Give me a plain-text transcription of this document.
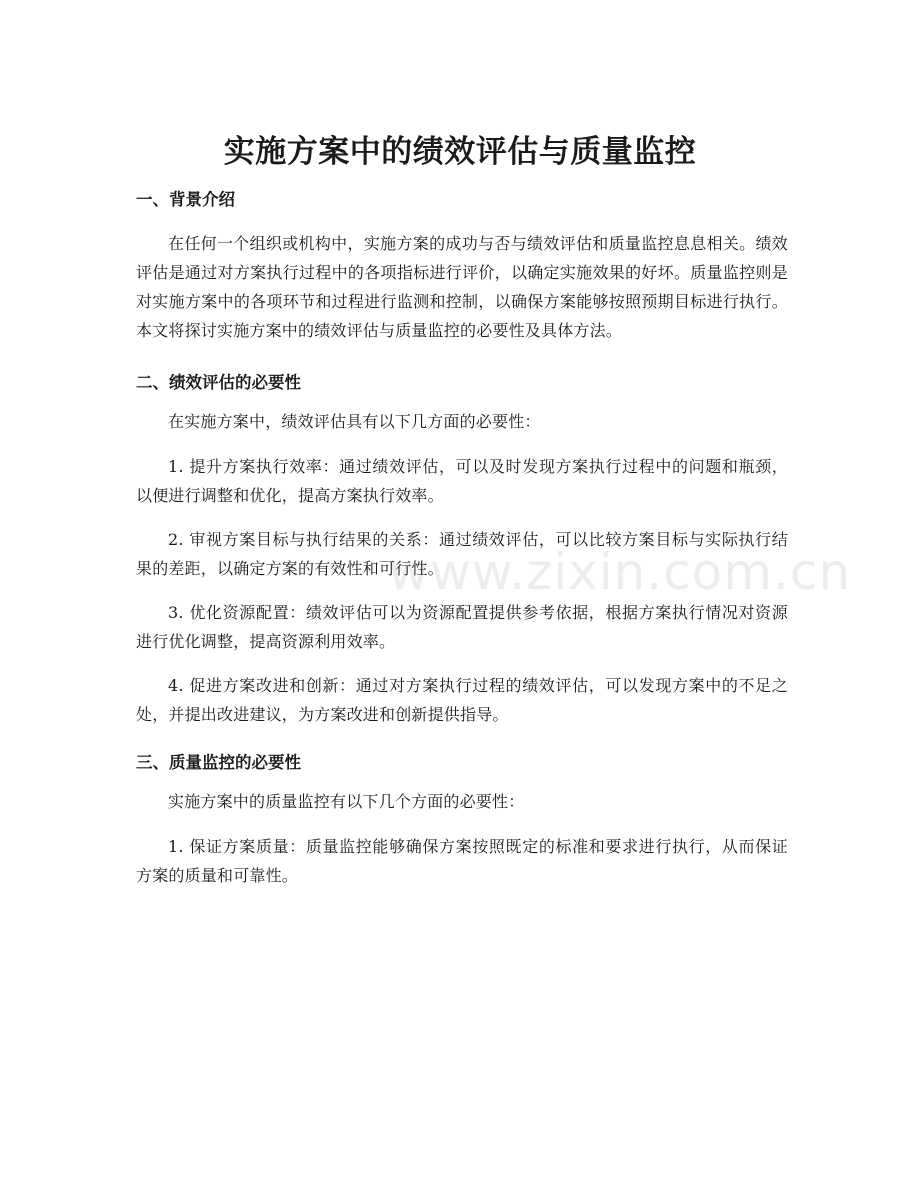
www.zixin.com.cn
实施方案中的绩效评估与质量监控
一、背景介绍

在任何一个组织或机构中，实施方案的成功与否与绩效评估和质量监控息息相关。绩效评估是通过对方案执行过程中的各项指标进行评价，以确定实施效果的好坏。质量监控则是对实施方案中的各项环节和过程进行监测和控制，以确保方案能够按照预期目标进行执行。本文将探讨实施方案中的绩效评估与质量监控的必要性及具体方法。

二、绩效评估的必要性

在实施方案中，绩效评估具有以下几方面的必要性：

1. 提升方案执行效率：通过绩效评估，可以及时发现方案执行过程中的问题和瓶颈，以便进行调整和优化，提高方案执行效率。

2. 审视方案目标与执行结果的关系：通过绩效评估，可以比较方案目标与实际执行结果的差距，以确定方案的有效性和可行性。

3. 优化资源配置：绩效评估可以为资源配置提供参考依据，根据方案执行情况对资源进行优化调整，提高资源利用效率。

4. 促进方案改进和创新：通过对方案执行过程的绩效评估，可以发现方案中的不足之处，并提出改进建议，为方案改进和创新提供指导。

三、质量监控的必要性

实施方案中的质量监控有以下几个方面的必要性：

1. 保证方案质量：质量监控能够确保方案按照既定的标准和要求进行执行，从而保证方案的质量和可靠性。
